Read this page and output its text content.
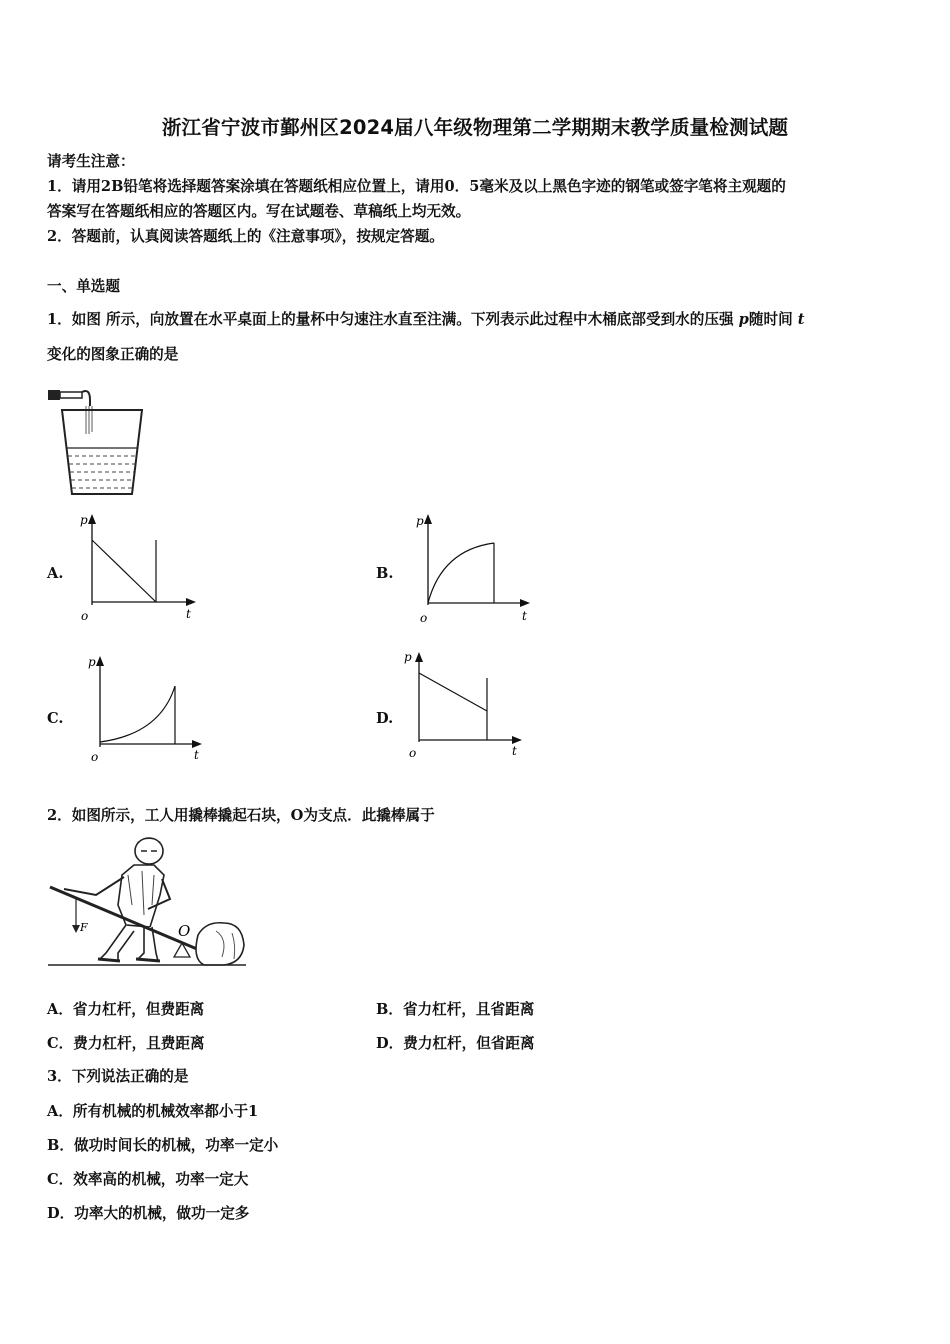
浙江省宁波市鄞州区2024届八年级物理第二学期期末教学质量检测试题
请考生注意：
1．请用2B铅笔将选择题答案涂填在答题纸相应位置上，请用0．5毫米及以上黑色字迹的钢笔或签字笔将主观题的
答案写在答题纸相应的答题区内。写在试题卷、草稿纸上均无效。
2．答题前，认真阅读答题纸上的《注意事项》，按规定答题。
一、单选题
1．如图 所示，向放置在水平桌面上的量杯中匀速注水直至注满。下列表示此过程中木桶底部受到水的压强 p随时间 t
变化的图象正确的是
A.
p
o	t
B.
p
o	t
C.
p
o	t
D.
p
o	t
2．如图所示，工人用撬棒撬起石块，O为支点．此撬棒属于
F	O
A．省力杠杆，但费距离	B．省力杠杆，且省距离
C．费力杠杆，且费距离	D．费力杠杆，但省距离
3．下列说法正确的是
A．所有机械的机械效率都小于1
B．做功时间长的机械，功率一定小
C．效率高的机械，功率一定大
D．功率大的机械，做功一定多
